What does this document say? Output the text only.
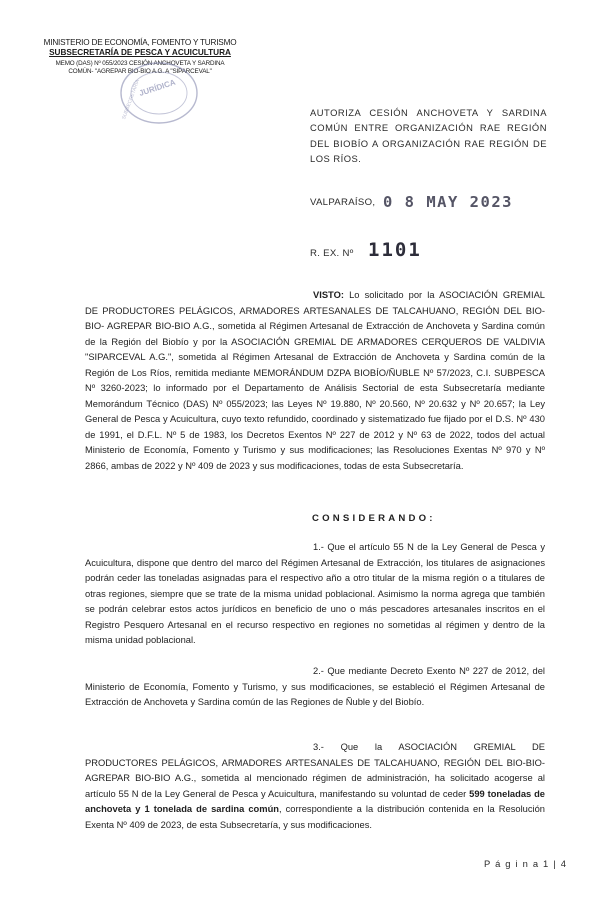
MINISTERIO DE ECONOMÍA, FOMENTO Y TURISMO
SUBSECRETARÍA DE PESCA Y ACUICULTURA
MEMO (DAS) Nº 055/2023 CESIÓN ANCHOVETA Y SARDINA
COMÚN- "AGREPAR BIO-BIO A.G. A "SIPARCEVAL"
JURÍDICA
SUBSECRETARÍA	AUTORIZA CESIÓN ANCHOVETA Y SARDINA COMÚN ENTRE ORGANIZACIÓN RAE REGIÓN DEL BIOBÍO A ORGANIZACIÓN RAE REGIÓN DE LOS RÍOS.
VALPARAÍSO, 0 8 MAY 2023
R. EX. Nº 1101
VISTO: Lo solicitado por la ASOCIACIÓN GREMIAL DE PRODUCTORES PELÁGICOS, ARMADORES ARTESANALES DE TALCAHUANO, REGIÓN DEL BIO-BIO- AGREPAR BIO-BIO A.G., sometida al Régimen Artesanal de Extracción de Anchoveta y Sardina común de la Región del Biobío y por la ASOCIACIÓN GREMIAL DE ARMADORES CERQUEROS DE VALDIVIA "SIPARCEVAL A.G.", sometida al Régimen Artesanal de Extracción de Anchoveta y Sardina común de la Región de Los Ríos, remitida mediante MEMORÁNDUM DZPA BIOBÍO/ÑUBLE Nº 57/2023, C.I. SUBPESCA Nº 3260-2023; lo informado por el Departamento de Análisis Sectorial de esta Subsecretaría mediante Memorándum Técnico (DAS) Nº 055/2023; las Leyes Nº 19.880, Nº 20.560, Nº 20.632 y Nº 20.657; la Ley General de Pesca y Acuicultura, cuyo texto refundido, coordinado y sistematizado fue fijado por el D.S. Nº 430 de 1991, el D.F.L. Nº 5 de 1983, los Decretos Exentos Nº 227 de 2012 y Nº 63 de 2022, todos del actual Ministerio de Economía, Fomento y Turismo y sus modificaciones; las Resoluciones Exentas Nº 970 y Nº 2866, ambas de 2022 y Nº 409 de 2023 y sus modificaciones, todas de esta Subsecretaría.
CONSIDERANDO:
1.- Que el artículo 55 N de la Ley General de Pesca y Acuicultura, dispone que dentro del marco del Régimen Artesanal de Extracción, los titulares de asignaciones podrán ceder las toneladas asignadas para el respectivo año a otro titular de la misma región o a titulares de otras regiones, siempre que se trate de la misma unidad poblacional. Asimismo la norma agrega que también se podrán celebrar estos actos jurídicos en beneficio de uno o más pescadores artesanales inscritos en el Registro Pesquero Artesanal en el recurso respectivo en regiones no sometidas al régimen y dentro de la misma unidad poblacional.
2.- Que mediante Decreto Exento Nº 227 de 2012, del Ministerio de Economía, Fomento y Turismo, y sus modificaciones, se estableció el Régimen Artesanal de Extracción de Anchoveta y Sardina común de las Regiones de Ñuble y del Biobío.
3.- Que la ASOCIACIÓN GREMIAL DE PRODUCTORES PELÁGICOS, ARMADORES ARTESANALES DE TALCAHUANO, REGIÓN DEL BIO-BIO- AGREPAR BIO-BIO A.G., sometida al mencionado régimen de administración, ha solicitado acogerse al artículo 55 N de la Ley General de Pesca y Acuicultura, manifestando su voluntad de ceder 599 toneladas de anchoveta y 1 tonelada de sardina común, correspondiente a la distribución contenida en la Resolución Exenta Nº 409 de 2023, de esta Subsecretaría, y sus modificaciones.
P á g i n a 1 | 4
